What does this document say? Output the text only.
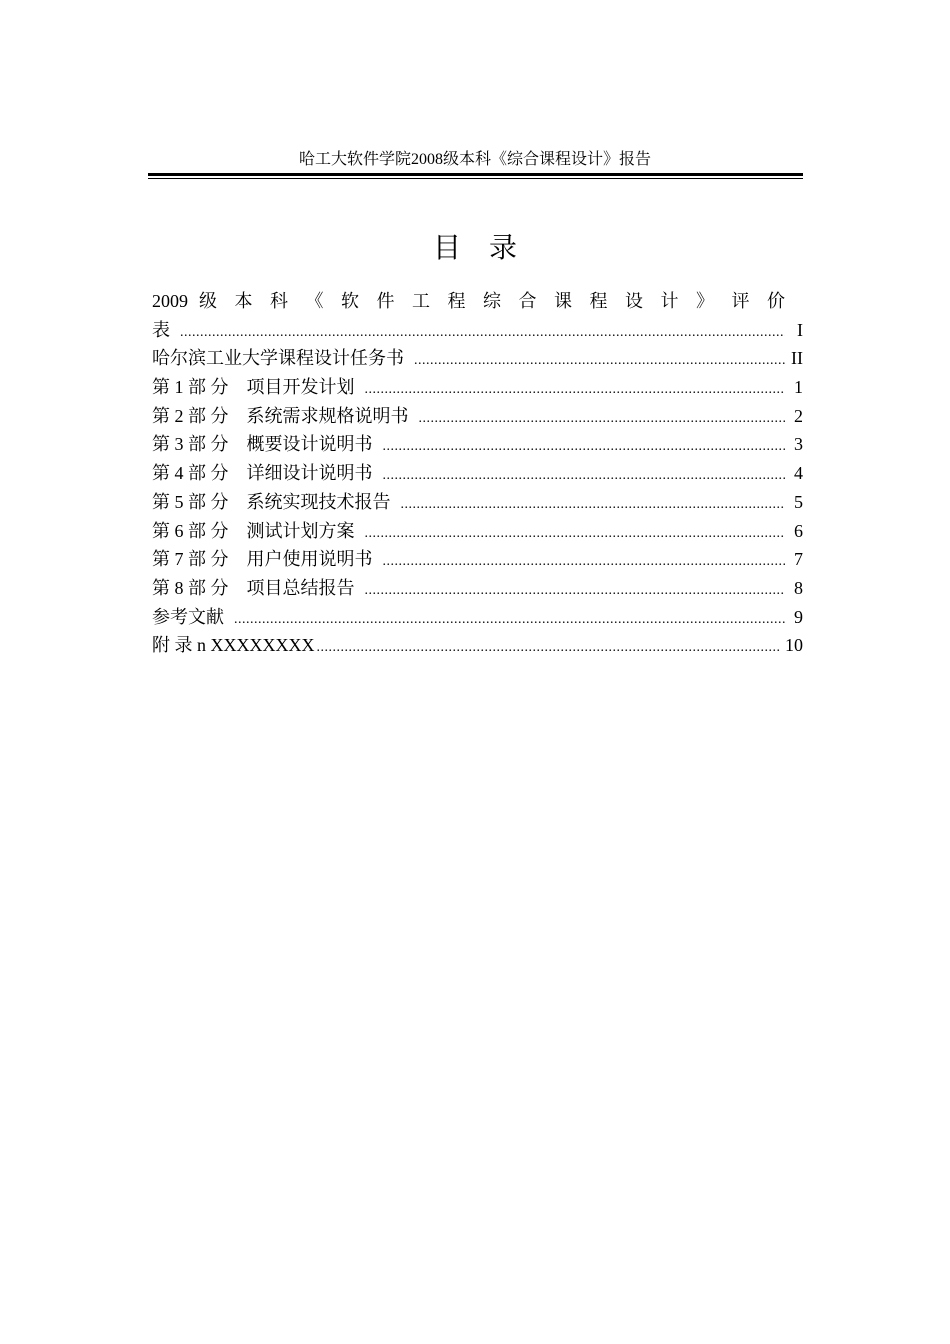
哈工大软件学院2008级本科《综合课程设计》报告
目录
2009 级 本 科 《 软 件 工 程 综 合 课 程 设 计 》 评 价
表 .....	I
哈尔滨工业大学课程设计任务书 .....	II
第 1 部 分　项目开发计划 .....	1
第 2 部 分　系统需求规格说明书 .....	2
第 3 部 分　概要设计说明书 .....	3
第 4 部 分　详细设计说明书 .....	4
第 5 部 分　系统实现技术报告 .....	5
第 6 部 分　测试计划方案 .....	6
第 7 部 分　用户使用说明书 .....	7
第 8 部 分　项目总结报告 .....	8
参考文献 .....	9
附 录 n XXXXXXXX .....	10
